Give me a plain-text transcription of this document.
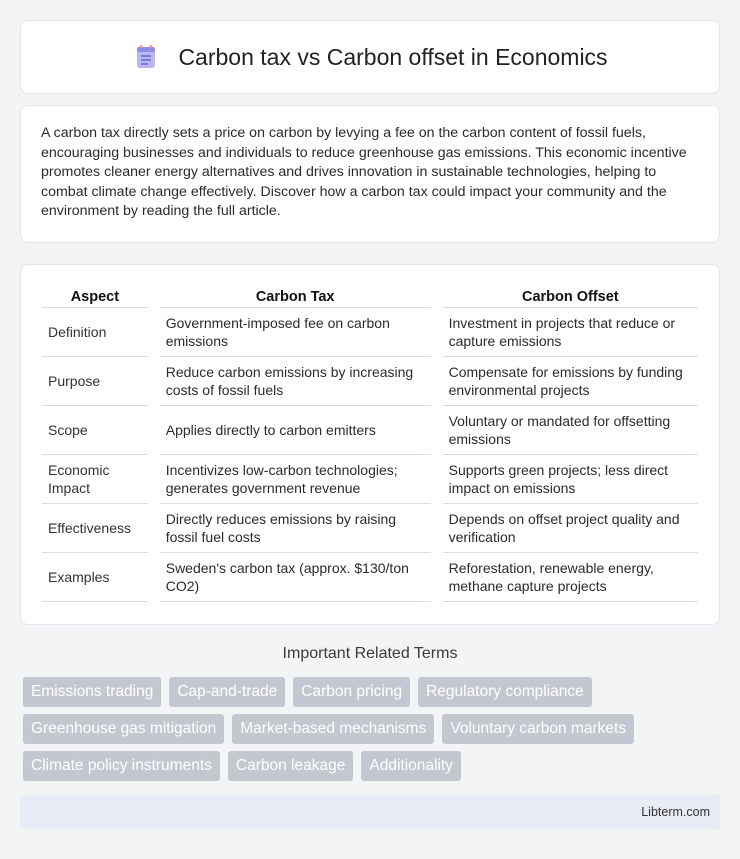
Carbon tax vs Carbon offset in Economics

A carbon tax directly sets a price on carbon by levying a fee on the carbon content of fossil fuels, encouraging businesses and individuals to reduce greenhouse gas emissions. This economic incentive promotes cleaner energy alternatives and drives innovation in sustainable technologies, helping to combat climate change effectively. Discover how a carbon tax could impact your community and the environment by reading the full article.

Aspect		Carbon Tax		Carbon Offset
Definition		Government-imposed fee on carbon emissions		Investment in projects that reduce or capture emissions
Purpose		Reduce carbon emissions by increasing costs of fossil fuels		Compensate for emissions by funding environmental projects
Scope		Applies directly to carbon emitters		Voluntary or mandated for offsetting emissions
Economic Impact		Incentivizes low-carbon technologies; generates government revenue		Supports green projects; less direct impact on emissions
Effectiveness		Directly reduces emissions by raising fossil fuel costs		Depends on offset project quality and verification
Examples		Sweden's carbon tax (approx. $130/ton CO2)		Reforestation, renewable energy, methane capture projects
Important Related Terms
Emissions trading	Cap-and-trade	Carbon pricing	Regulatory compliance
Greenhouse gas mitigation	Market-based mechanisms	Voluntary carbon markets
Climate policy instruments	Carbon leakage	Additionality
Libterm.com
